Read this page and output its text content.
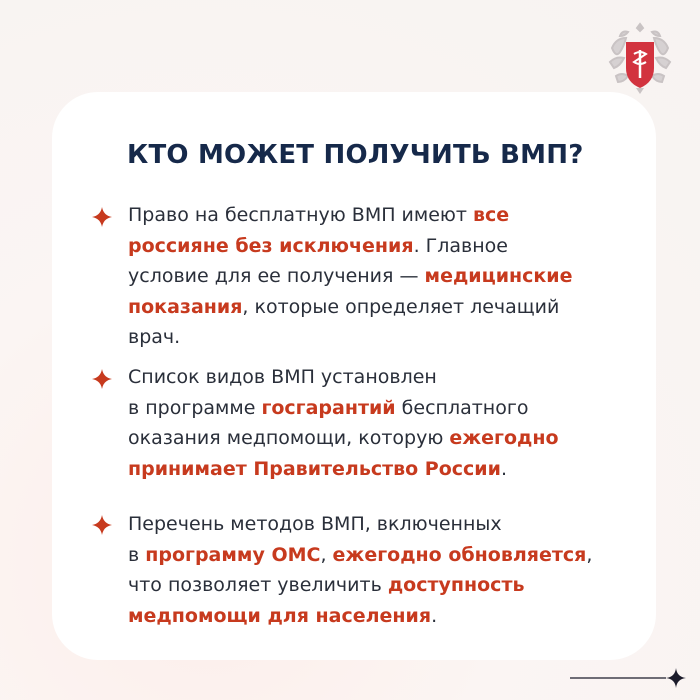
КТО МОЖЕТ ПОЛУЧИТЬ ВМП?

Право на бесплатную ВМП имеют все
россияне без исключения. Главное
условие для ее получения — медицинские
показания, которые определяет лечащий
врач.

Список видов ВМП установлен
в программе госгарантий бесплатного
оказания медпомощи, которую ежегодно
принимает Правительство России.

Перечень методов ВМП, включенных
в программу ОМС, ежегодно обновляется,
что позволяет увеличить доступность
медпомощи для населения.
